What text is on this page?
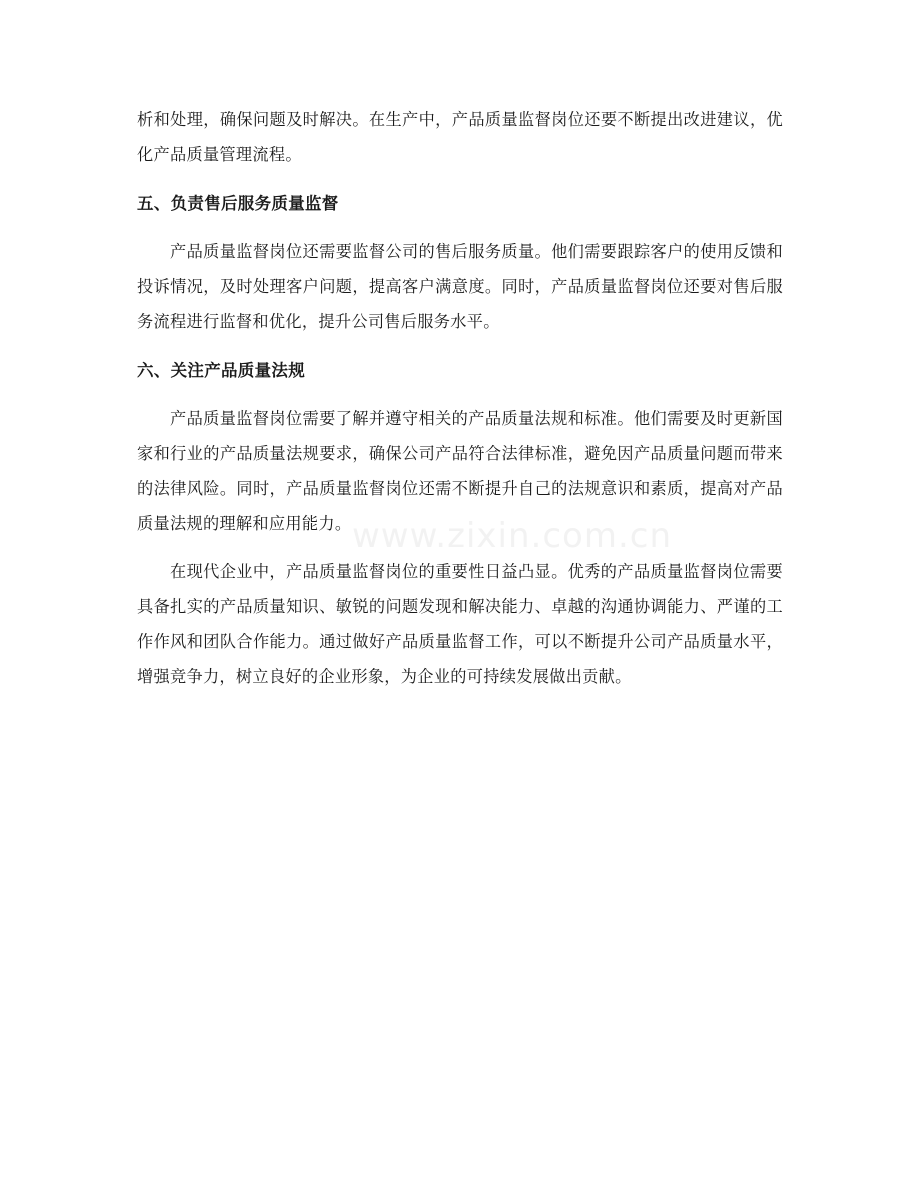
析和处理，确保问题及时解决。在生产中，产品质量监督岗位还要不断提出改进建议，优化产品质量管理流程。

五、负责售后服务质量监督

产品质量监督岗位还需要监督公司的售后服务质量。他们需要跟踪客户的使用反馈和投诉情况，及时处理客户问题，提高客户满意度。同时，产品质量监督岗位还要对售后服务流程进行监督和优化，提升公司售后服务水平。

六、关注产品质量法规

产品质量监督岗位需要了解并遵守相关的产品质量法规和标准。他们需要及时更新国家和行业的产品质量法规要求，确保公司产品符合法律标准，避免因产品质量问题而带来的法律风险。同时，产品质量监督岗位还需不断提升自己的法规意识和素质，提高对产品质量法规的理解和应用能力。

在现代企业中，产品质量监督岗位的重要性日益凸显。优秀的产品质量监督岗位需要具备扎实的产品质量知识、敏锐的问题发现和解决能力、卓越的沟通协调能力、严谨的工作作风和团队合作能力。通过做好产品质量监督工作，可以不断提升公司产品质量水平，增强竞争力，树立良好的企业形象，为企业的可持续发展做出贡献。

www.zixin.com.cn
